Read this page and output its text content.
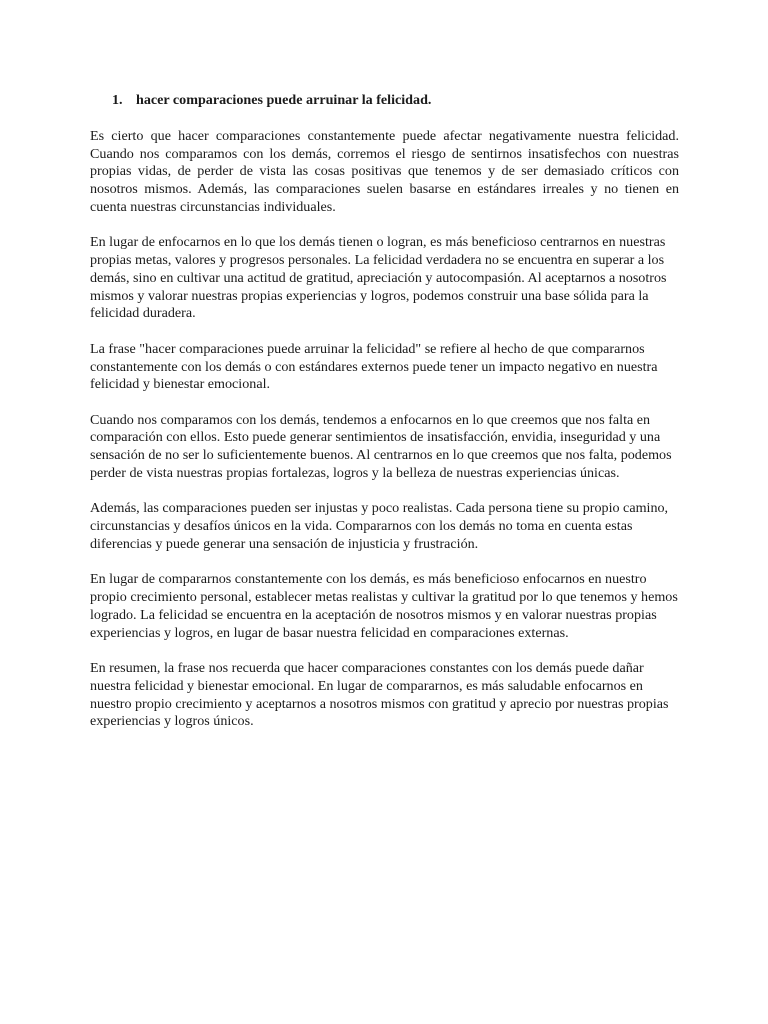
1. hacer comparaciones puede arruinar la felicidad.

Es cierto que hacer comparaciones constantemente puede afectar negativamente nuestra felicidad. Cuando nos comparamos con los demás, corremos el riesgo de sentirnos insatisfechos con nuestras propias vidas, de perder de vista las cosas positivas que tenemos y de ser demasiado críticos con nosotros mismos. Además, las comparaciones suelen basarse en estándares irreales y no tienen en cuenta nuestras circunstancias individuales.

En lugar de enfocarnos en lo que los demás tienen o logran, es más beneficioso centrarnos en nuestras propias metas, valores y progresos personales. La felicidad verdadera no se encuentra en superar a los demás, sino en cultivar una actitud de gratitud, apreciación y autocompasión. Al aceptarnos a nosotros mismos y valorar nuestras propias experiencias y logros, podemos construir una base sólida para la felicidad duradera.

La frase "hacer comparaciones puede arruinar la felicidad" se refiere al hecho de que compararnos constantemente con los demás o con estándares externos puede tener un impacto negativo en nuestra felicidad y bienestar emocional.

Cuando nos comparamos con los demás, tendemos a enfocarnos en lo que creemos que nos falta en comparación con ellos. Esto puede generar sentimientos de insatisfacción, envidia, inseguridad y una sensación de no ser lo suficientemente buenos. Al centrarnos en lo que creemos que nos falta, podemos perder de vista nuestras propias fortalezas, logros y la belleza de nuestras experiencias únicas.

Además, las comparaciones pueden ser injustas y poco realistas. Cada persona tiene su propio camino, circunstancias y desafíos únicos en la vida. Compararnos con los demás no toma en cuenta estas diferencias y puede generar una sensación de injusticia y frustración.

En lugar de compararnos constantemente con los demás, es más beneficioso enfocarnos en nuestro propio crecimiento personal, establecer metas realistas y cultivar la gratitud por lo que tenemos y hemos logrado. La felicidad se encuentra en la aceptación de nosotros mismos y en valorar nuestras propias experiencias y logros, en lugar de basar nuestra felicidad en comparaciones externas.

En resumen, la frase nos recuerda que hacer comparaciones constantes con los demás puede dañar nuestra felicidad y bienestar emocional. En lugar de compararnos, es más saludable enfocarnos en nuestro propio crecimiento y aceptarnos a nosotros mismos con gratitud y aprecio por nuestras propias experiencias y logros únicos.
